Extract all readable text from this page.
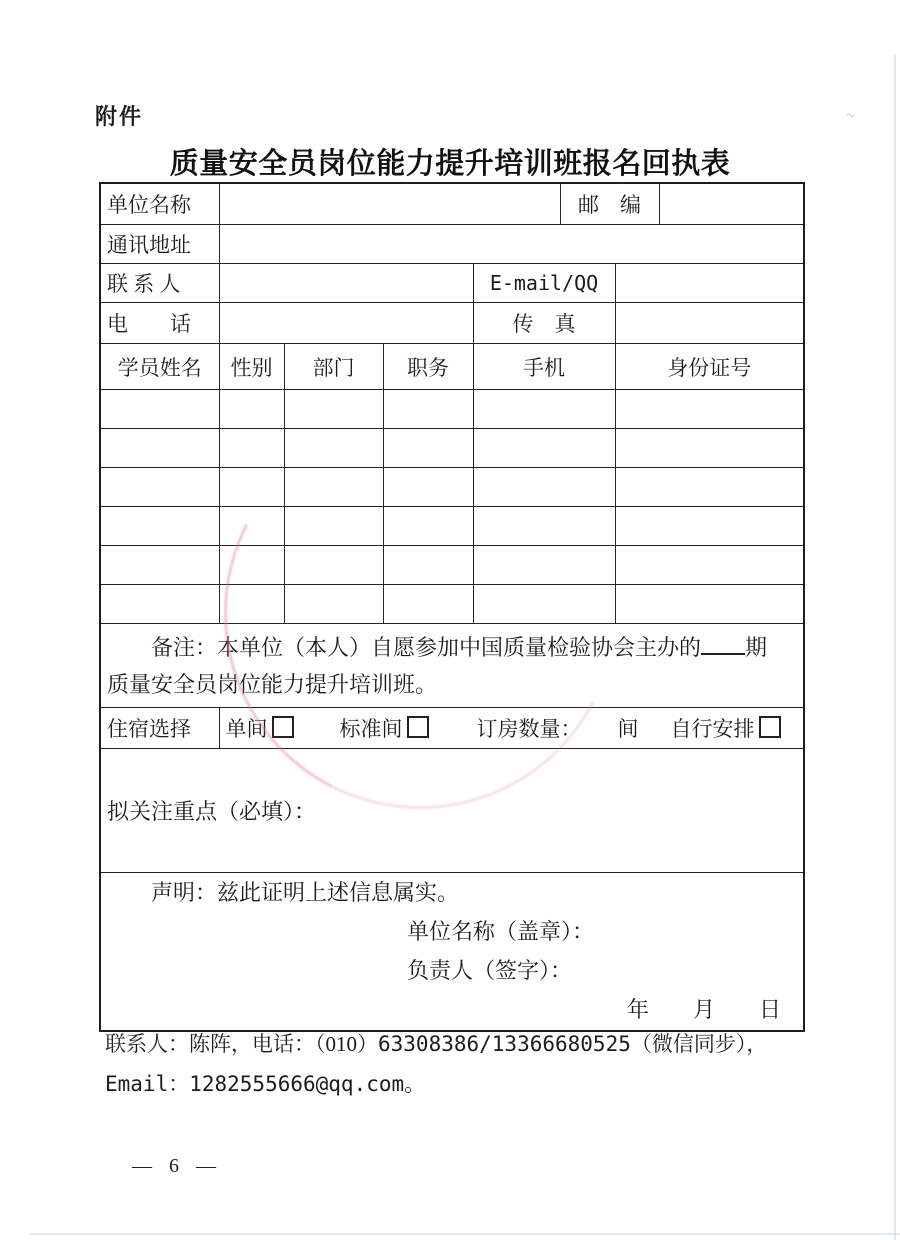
附件
质量安全员岗位能力提升培训班报名回执表
单位名称					邮　编		
通讯地址							
联 系 人				E-mail/QQ			
电　　话				传　真			
学员姓名	性别	部门	职务	手机		身份证号	

备注：本单位（本人）自愿参加中国质量检验协会主办的 期
质量安全员岗位能力提升培训班。							

住宿选择	单间 标准间 订房数量： 间 自行安排						
拟关注重点（必填）：							

声明：兹此证明上述信息属实。
单位名称（盖章）：
负责人（签字）：
年　　月　　日							
联系人：陈阵，电话：（010）63308386/13366680525（微信同步），
Email：1282555666@qq.com。
— 6 —
~
